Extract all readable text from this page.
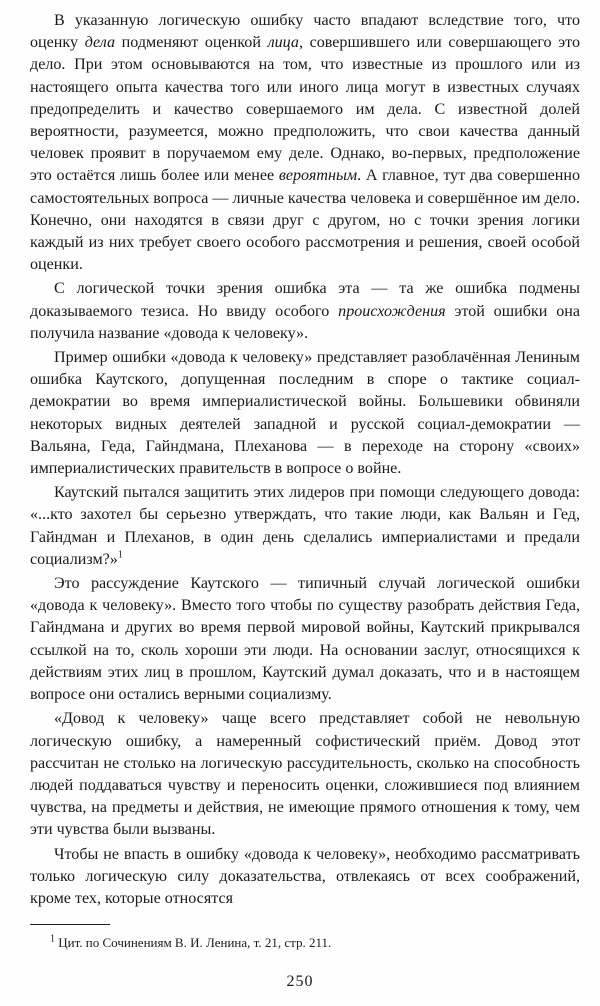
В указанную логическую ошибку часто впадают вследствие того, что оценку дела подменяют оценкой лица, совершившего или совершающего это дело. При этом основываются на том, что известные из прошлого или из настоящего опыта качества того или иного лица могут в известных случаях предопределить и качество совершаемого им дела. С известной долей вероятности, разумеется, можно предположить, что свои качества данный человек проявит в поручаемом ему деле. Однако, во-первых, предположение это остаётся лишь более или менее вероятным. А главное, тут два совершенно самостоятельных вопроса — личные качества человека и совершённое им дело. Конечно, они находятся в связи друг с другом, но с точки зрения логики каждый из них требует своего особого рассмотрения и решения, своей особой оценки.

С логической точки зрения ошибка эта — та же ошибка подмены доказываемого тезиса. Но ввиду особого происхождения этой ошибки она получила название «довода к человеку».

Пример ошибки «довода к человеку» представляет разоблачённая Лениным ошибка Каутского, допущенная последним в споре о тактике социал-демократии во время империалистической войны. Большевики обвиняли некоторых видных деятелей западной и русской социал-демократии — Вальяна, Геда, Гайндмана, Плеханова — в переходе на сторону «своих» империалистических правительств в вопросе о войне.

Каутский пытался защитить этих лидеров при помощи следующего довода: «...кто захотел бы серьезно утверждать, что такие люди, как Вальян и Гед, Гайндман и Плеханов, в один день сделались империалистами и предали социализм?»$^1$

Это рассуждение Каутского — типичный случай логической ошибки «довода к человеку». Вместо того чтобы по существу разобрать действия Геда, Гайндмана и других во время первой мировой войны, Каутский прикрывался ссылкой на то, сколь хороши эти люди. На основании заслуг, относящихся к действиям этих лиц в прошлом, Каутский думал доказать, что и в настоящем вопросе они остались верными социализму.

«Довод к человеку» чаще всего представляет собой не невольную логическую ошибку, а намеренный софистический приём. Довод этот рассчитан не столько на логическую рассудительность, сколько на способность людей поддаваться чувству и переносить оценки, сложившиеся под влиянием чувства, на предметы и действия, не имеющие прямого отношения к тому, чем эти чувства были вызваны.

Чтобы не впасть в ошибку «довода к человеку», необходимо рассматривать только логическую силу доказательства, отвлекаясь от всех соображений, кроме тех, которые относятся

$^1$ Цит. по Сочинениям В. И. Ленина, т. 21, стр. 211.
250
